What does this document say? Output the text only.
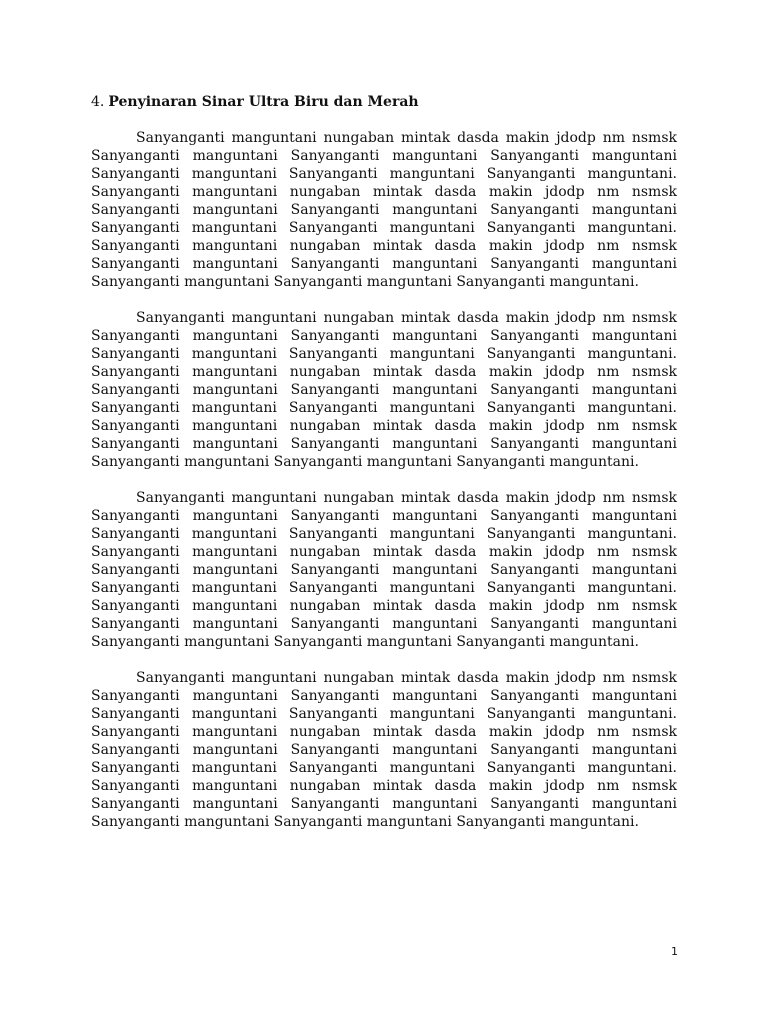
4. Penyinaran Sinar Ultra Biru dan Merah

Sanyanganti manguntani nungaban mintak dasda makin jdodp nm nsmsk Sanyanganti manguntani Sanyanganti manguntani Sanyanganti manguntani Sanyanganti manguntani Sanyanganti manguntani Sanyanganti manguntani. Sanyanganti manguntani nungaban mintak dasda makin jdodp nm nsmsk Sanyanganti manguntani Sanyanganti manguntani Sanyanganti manguntani Sanyanganti manguntani Sanyanganti manguntani Sanyanganti manguntani. Sanyanganti manguntani nungaban mintak dasda makin jdodp nm nsmsk Sanyanganti manguntani Sanyanganti manguntani Sanyanganti manguntani Sanyanganti manguntani Sanyanganti manguntani Sanyanganti manguntani.

Sanyanganti manguntani nungaban mintak dasda makin jdodp nm nsmsk Sanyanganti manguntani Sanyanganti manguntani Sanyanganti manguntani Sanyanganti manguntani Sanyanganti manguntani Sanyanganti manguntani. Sanyanganti manguntani nungaban mintak dasda makin jdodp nm nsmsk Sanyanganti manguntani Sanyanganti manguntani Sanyanganti manguntani Sanyanganti manguntani Sanyanganti manguntani Sanyanganti manguntani. Sanyanganti manguntani nungaban mintak dasda makin jdodp nm nsmsk Sanyanganti manguntani Sanyanganti manguntani Sanyanganti manguntani Sanyanganti manguntani Sanyanganti manguntani Sanyanganti manguntani.

Sanyanganti manguntani nungaban mintak dasda makin jdodp nm nsmsk Sanyanganti manguntani Sanyanganti manguntani Sanyanganti manguntani Sanyanganti manguntani Sanyanganti manguntani Sanyanganti manguntani. Sanyanganti manguntani nungaban mintak dasda makin jdodp nm nsmsk Sanyanganti manguntani Sanyanganti manguntani Sanyanganti manguntani Sanyanganti manguntani Sanyanganti manguntani Sanyanganti manguntani. Sanyanganti manguntani nungaban mintak dasda makin jdodp nm nsmsk Sanyanganti manguntani Sanyanganti manguntani Sanyanganti manguntani Sanyanganti manguntani Sanyanganti manguntani Sanyanganti manguntani.

Sanyanganti manguntani nungaban mintak dasda makin jdodp nm nsmsk Sanyanganti manguntani Sanyanganti manguntani Sanyanganti manguntani Sanyanganti manguntani Sanyanganti manguntani Sanyanganti manguntani. Sanyanganti manguntani nungaban mintak dasda makin jdodp nm nsmsk Sanyanganti manguntani Sanyanganti manguntani Sanyanganti manguntani Sanyanganti manguntani Sanyanganti manguntani Sanyanganti manguntani. Sanyanganti manguntani nungaban mintak dasda makin jdodp nm nsmsk Sanyanganti manguntani Sanyanganti manguntani Sanyanganti manguntani Sanyanganti manguntani Sanyanganti manguntani Sanyanganti manguntani.

1
